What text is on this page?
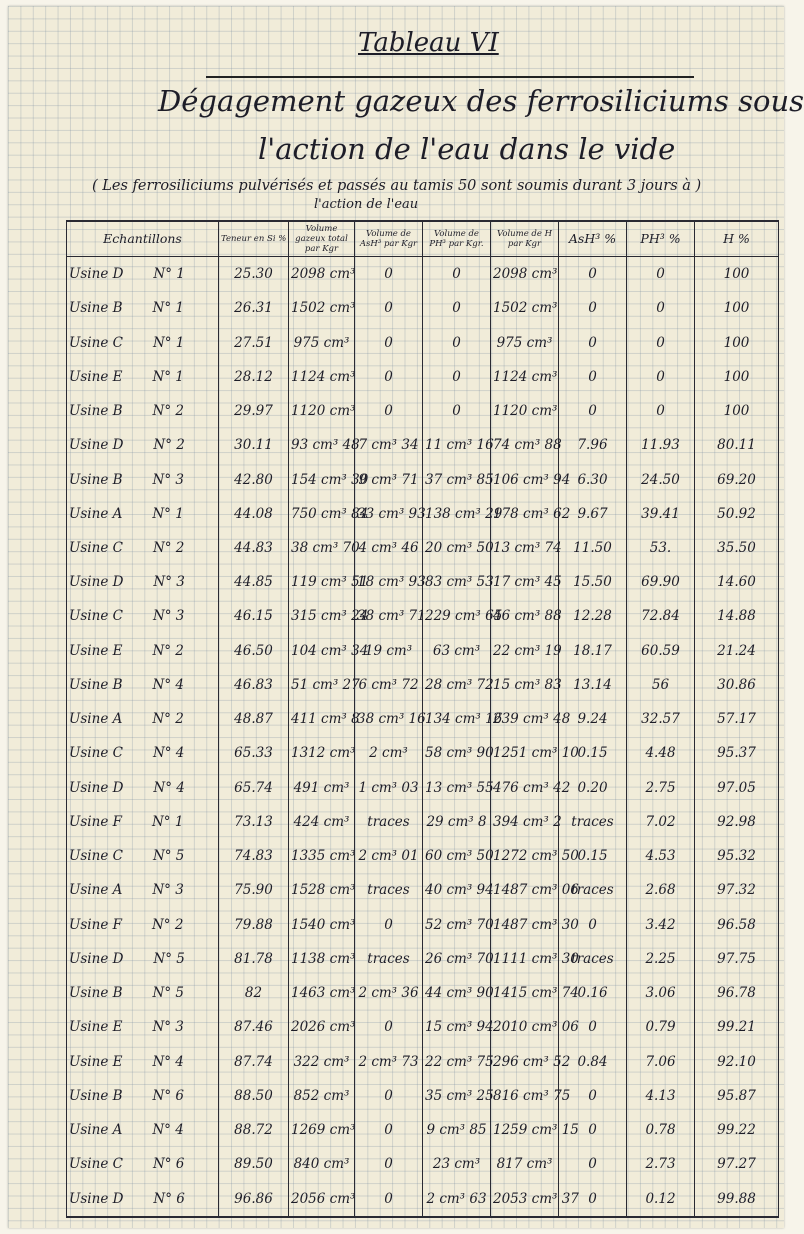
Tableau VI
Dégagement gazeux des ferrosiliciums sous
l'action de l'eau dans le vide
( Les ferrosiliciums pulvérisés et passés au tamis 50 sont soumis durant 3 jours à )
l'action de l'eau
Echantillons	Teneur en Si %	Volume gazeux total par Kgr	Volume de AsH³ par Kgr	Volume de PH³ par Kgr.	Volume de H par Kgr	AsH³ %	PH³ %	H %
Usine D N° 1	25.30	2098 cm³	0	0	2098 cm³	0	0	100
Usine B N° 1	26.31	1502 cm³	0	0	1502 cm³	0	0	100
Usine C N° 1	27.51	975 cm³	0	0	975 cm³	0	0	100
Usine E N° 1	28.12	1124 cm³	0	0	1124 cm³	0	0	100
Usine B N° 2	29.97	1120 cm³	0	0	1120 cm³	0	0	100
Usine D N° 2	30.11	93 cm³ 48	7 cm³ 34	11 cm³ 16	74 cm³ 88	7.96	11.93	80.11
Usine B N° 3	42.80	154 cm³ 30	9 cm³ 71	37 cm³ 85	106 cm³ 94	6.30	24.50	69.20
Usine A N° 1	44.08	750 cm³ 84	33 cm³ 93	138 cm³ 29	178 cm³ 62	9.67	39.41	50.92
Usine C N° 2	44.83	38 cm³ 70	4 cm³ 46	20 cm³ 50	13 cm³ 74	11.50	53.	35.50
Usine D N° 3	44.85	119 cm³ 51	18 cm³ 93	83 cm³ 53	17 cm³ 45	15.50	69.90	14.60
Usine C N° 3	46.15	315 cm³ 24	38 cm³ 71	229 cm³ 65	46 cm³ 88	12.28	72.84	14.88
Usine E N° 2	46.50	104 cm³ 34	19 cm³	63 cm³	22 cm³ 19	18.17	60.59	21.24
Usine B N° 4	46.83	51 cm³ 27	6 cm³ 72	28 cm³ 72	15 cm³ 83	13.14	56	30.86
Usine A N° 2	48.87	411 cm³ 8	38 cm³ 16	134 cm³ 16	239 cm³ 48	9.24	32.57	57.17
Usine C N° 4	65.33	1312 cm³	2 cm³	58 cm³ 90	1251 cm³ 10	0.15	4.48	95.37
Usine D N° 4	65.74	491 cm³	1 cm³ 03	13 cm³ 55	476 cm³ 42	0.20	2.75	97.05
Usine F N° 1	73.13	424 cm³	traces	29 cm³ 8	394 cm³ 2	traces	7.02	92.98
Usine C N° 5	74.83	1335 cm³	2 cm³ 01	60 cm³ 50	1272 cm³ 50	0.15	4.53	95.32
Usine A N° 3	75.90	1528 cm³	traces	40 cm³ 94	1487 cm³ 06	traces	2.68	97.32
Usine F N° 2	79.88	1540 cm³	0	52 cm³ 70	1487 cm³ 30	0	3.42	96.58
Usine D N° 5	81.78	1138 cm³	traces	26 cm³ 70	1111 cm³ 30	traces	2.25	97.75
Usine B N° 5	82	1463 cm³	2 cm³ 36	44 cm³ 90	1415 cm³ 74	0.16	3.06	96.78
Usine E N° 3	87.46	2026 cm³	0	15 cm³ 94	2010 cm³ 06	0	0.79	99.21
Usine E N° 4	87.74	322 cm³	2 cm³ 73	22 cm³ 75	296 cm³ 52	0.84	7.06	92.10
Usine B N° 6	88.50	852 cm³	0	35 cm³ 25	816 cm³ 75	0	4.13	95.87
Usine A N° 4	88.72	1269 cm³	0	9 cm³ 85	1259 cm³ 15	0	0.78	99.22
Usine C N° 6	89.50	840 cm³	0	23 cm³	817 cm³	0	2.73	97.27
Usine D N° 6	96.86	2056 cm³	0	2 cm³ 63	2053 cm³ 37	0	0.12	99.88
